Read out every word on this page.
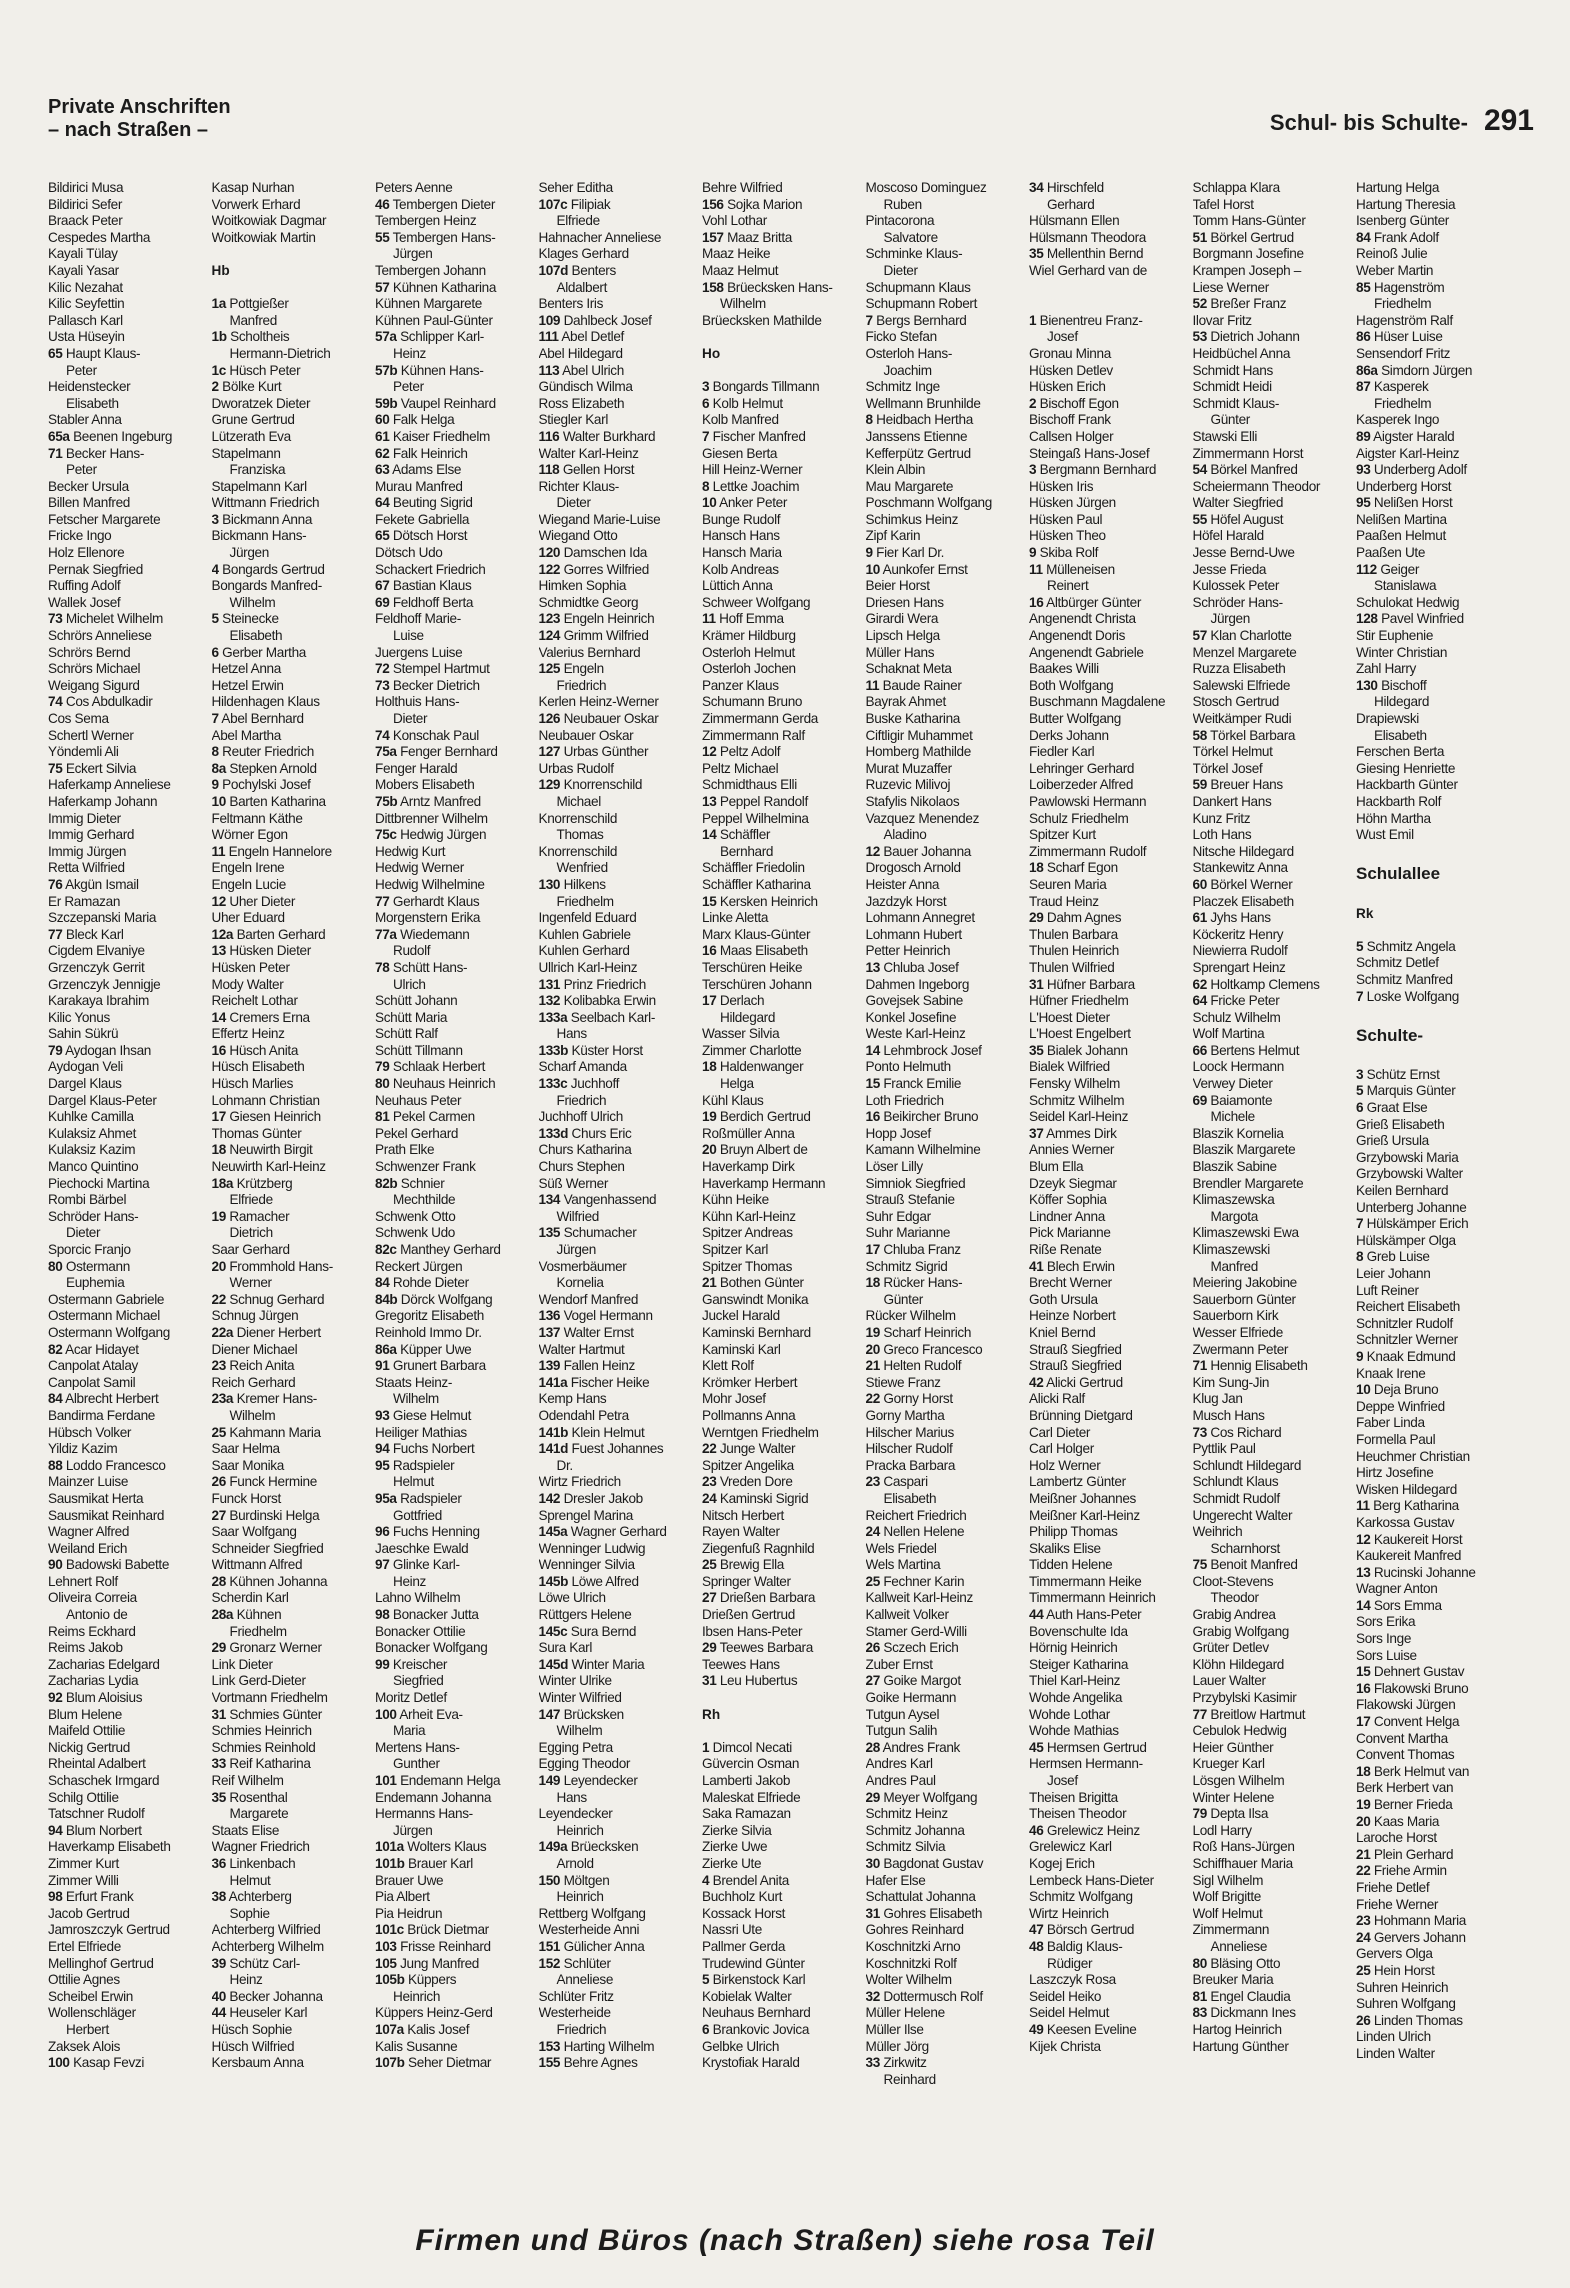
Private Anschriften
– nach Straßen –	Schul- bis Schulte- 291
Bildirici Musa
Bildirici Sefer
Braack Peter
Cespedes Martha
Kayali Tülay
Kayali Yasar
Kilic Nezahat
Kilic Seyfettin
Pallasch Karl
Usta Hüseyin
65 Haupt Klaus-
Peter
Heidenstecker
Elisabeth
Stabler Anna
65a Beenen Ingeburg
71 Becker Hans-
Peter
Becker Ursula
Billen Manfred
Fetscher Margarete
Fricke Ingo
Holz Ellenore
Pernak Siegfried
Ruffing Adolf
Wallek Josef
73 Michelet Wilhelm
Schrörs Anneliese
Schrörs Bernd
Schrörs Michael
Weigang Sigurd
74 Cos Abdulkadir
Cos Sema
Schertl Werner
Yöndemli Ali
75 Eckert Silvia
Haferkamp Anneliese
Haferkamp Johann
Immig Dieter
Immig Gerhard
Immig Jürgen
Retta Wilfried
76 Akgün Ismail
Er Ramazan
Szczepanski Maria
77 Bleck Karl
Cigdem Elvaniye
Grzenczyk Gerrit
Grzenczyk Jennigje
Karakaya Ibrahim
Kilic Yonus
Sahin Sükrü
79 Aydogan Ihsan
Aydogan Veli
Dargel Klaus
Dargel Klaus-Peter
Kuhlke Camilla
Kulaksiz Ahmet
Kulaksiz Kazim
Manco Quintino
Piechocki Martina
Rombi Bärbel
Schröder Hans-
Dieter
Sporcic Franjo
80 Ostermann
Euphemia
Ostermann Gabriele
Ostermann Michael
Ostermann Wolfgang
82 Acar Hidayet
Canpolat Atalay
Canpolat Samil
84 Albrecht Herbert
Bandirma Ferdane
Hübsch Volker
Yildiz Kazim
88 Loddo Francesco
Mainzer Luise
Sausmikat Herta
Sausmikat Reinhard
Wagner Alfred
Weiland Erich
90 Badowski Babette
Lehnert Rolf
Oliveira Correia
Antonio de
Reims Eckhard
Reims Jakob
Zacharias Edelgard
Zacharias Lydia
92 Blum Aloisius
Blum Helene
Maifeld Ottilie
Nickig Gertrud
Rheintal Adalbert
Schaschek Irmgard
Schilg Ottilie
Tatschner Rudolf
94 Blum Norbert
Haverkamp Elisabeth
Zimmer Kurt
Zimmer Willi
98 Erfurt Frank
Jacob Gertrud
Jamroszczyk Gertrud
Ertel Elfriede
Mellinghof Gertrud
Ottilie Agnes
Scheibel Erwin
Wollenschläger
Herbert
Zaksek Alois
100 Kasap Fevzi
Kasap Nurhan
Vorwerk Erhard
Woitkowiak Dagmar
Woitkowiak Martin
Hb
1a Pottgießer
Manfred
1b Scholtheis
Hermann-Dietrich
1c Hüsch Peter
2 Bölke Kurt
Dworatzek Dieter
Grune Gertrud
Lützerath Eva
Stapelmann
Franziska
Stapelmann Karl
Wittmann Friedrich
3 Bickmann Anna
Bickmann Hans-
Jürgen
4 Bongards Gertrud
Bongards Manfred-
Wilhelm
5 Steinecke
Elisabeth
6 Gerber Martha
Hetzel Anna
Hetzel Erwin
Hildenhagen Klaus
7 Abel Bernhard
Abel Martha
8 Reuter Friedrich
8a Stepken Arnold
9 Pochylski Josef
10 Barten Katharina
Feltmann Käthe
Wörner Egon
11 Engeln Hannelore
Engeln Irene
Engeln Lucie
12 Uher Dieter
Uher Eduard
12a Barten Gerhard
13 Hüsken Dieter
Hüsken Peter
Mody Walter
Reichelt Lothar
14 Cremers Erna
Effertz Heinz
16 Hüsch Anita
Hüsch Elisabeth
Hüsch Marlies
Lohmann Christian
17 Giesen Heinrich
Thomas Günter
18 Neuwirth Birgit
Neuwirth Karl-Heinz
18a Krützberg
Elfriede
19 Ramacher
Dietrich
Saar Gerhard
20 Frommhold Hans-
Werner
22 Schnug Gerhard
Schnug Jürgen
22a Diener Herbert
Diener Michael
23 Reich Anita
Reich Gerhard
23a Kremer Hans-
Wilhelm
25 Kahmann Maria
Saar Helma
Saar Monika
26 Funck Hermine
Funck Horst
27 Burdinski Helga
Saar Wolfgang
Schneider Siegfried
Wittmann Alfred
28 Kühnen Johanna
Scherdin Karl
28a Kühnen
Friedhelm
29 Gronarz Werner
Link Dieter
Link Gerd-Dieter
Vortmann Friedhelm
31 Schmies Günter
Schmies Heinrich
Schmies Reinhold
33 Reif Katharina
Reif Wilhelm
35 Rosenthal
Margarete
Staats Elise
Wagner Friedrich
36 Linkenbach
Helmut
38 Achterberg
Sophie
Achterberg Wilfried
Achterberg Wilhelm
39 Schütz Carl-
Heinz
40 Becker Johanna
44 Heuseler Karl
Hüsch Sophie
Hüsch Wilfried
Kersbaum Anna
Peters Aenne
46 Tembergen Dieter
Tembergen Heinz
55 Tembergen Hans-
Jürgen
Tembergen Johann
57 Kühnen Katharina
Kühnen Margarete
Kühnen Paul-Günter
57a Schlipper Karl-
Heinz
57b Kühnen Hans-
Peter
59b Vaupel Reinhard
60 Falk Helga
61 Kaiser Friedhelm
62 Falk Heinrich
63 Adams Else
Murau Manfred
64 Beuting Sigrid
Fekete Gabriella
65 Dötsch Horst
Dötsch Udo
Schackert Friedrich
67 Bastian Klaus
69 Feldhoff Berta
Feldhoff Marie-
Luise
Juergens Luise
72 Stempel Hartmut
73 Becker Dietrich
Holthuis Hans-
Dieter
74 Konschak Paul
75a Fenger Bernhard
Fenger Harald
Mobers Elisabeth
75b Arntz Manfred
Dittbrenner Wilhelm
75c Hedwig Jürgen
Hedwig Kurt
Hedwig Werner
Hedwig Wilhelmine
77 Gerhardt Klaus
Morgenstern Erika
77a Wiedemann
Rudolf
78 Schütt Hans-
Ulrich
Schütt Johann
Schütt Maria
Schütt Ralf
Schütt Tillmann
79 Schlaak Herbert
80 Neuhaus Heinrich
Neuhaus Peter
81 Pekel Carmen
Pekel Gerhard
Prath Elke
Schwenzer Frank
82b Schnier
Mechthilde
Schwenk Otto
Schwenk Udo
82c Manthey Gerhard
Reckert Jürgen
84 Rohde Dieter
84b Dörck Wolfgang
Gregoritz Elisabeth
Reinhold Immo Dr.
86a Küpper Uwe
91 Grunert Barbara
Staats Heinz-
Wilhelm
93 Giese Helmut
Heiliger Mathias
94 Fuchs Norbert
95 Radspieler
Helmut
95a Radspieler
Gottfried
96 Fuchs Henning
Jaeschke Ewald
97 Glinke Karl-
Heinz
Lahno Wilhelm
98 Bonacker Jutta
Bonacker Ottilie
Bonacker Wolfgang
99 Kreischer
Siegfried
Moritz Detlef
100 Arheit Eva-
Maria
Mertens Hans-
Gunther
101 Endemann Helga
Endemann Johanna
Hermanns Hans-
Jürgen
101a Wolters Klaus
101b Brauer Karl
Brauer Uwe
Pia Albert
Pia Heidrun
101c Brück Dietmar
103 Frisse Reinhard
105 Jung Manfred
105b Küppers
Heinrich
Küppers Heinz-Gerd
107a Kalis Josef
Kalis Susanne
107b Seher Dietmar
Seher Editha
107c Filipiak
Elfriede
Hahnacher Anneliese
Klages Gerhard
107d Benters
Aldalbert
Benters Iris
109 Dahlbeck Josef
111 Abel Detlef
Abel Hildegard
113 Abel Ulrich
Gündisch Wilma
Ross Elizabeth
Stiegler Karl
116 Walter Burkhard
Walter Karl-Heinz
118 Gellen Horst
Richter Klaus-
Dieter
Wiegand Marie-Luise
Wiegand Otto
120 Damschen Ida
122 Gorres Wilfried
Himken Sophia
Schmidtke Georg
123 Engeln Heinrich
124 Grimm Wilfried
Valerius Bernhard
125 Engeln
Friedrich
Kerlen Heinz-Werner
126 Neubauer Oskar
Neubauer Oskar
127 Urbas Günther
Urbas Rudolf
129 Knorrenschild
Michael
Knorrenschild
Thomas
Knorrenschild
Wenfried
130 Hilkens
Friedhelm
Ingenfeld Eduard
Kuhlen Gabriele
Kuhlen Gerhard
Ullrich Karl-Heinz
131 Prinz Friedrich
132 Kolibabka Erwin
133a Seelbach Karl-
Hans
133b Küster Horst
Scharf Amanda
133c Juchhoff
Friedrich
Juchhoff Ulrich
133d Churs Eric
Churs Katharina
Churs Stephen
Süß Werner
134 Vangenhassend
Wilfried
135 Schumacher
Jürgen
Vosmerbäumer
Kornelia
Wendorf Manfred
136 Vogel Hermann
137 Walter Ernst
Walter Hartmut
139 Fallen Heinz
141a Fischer Heike
Kemp Hans
Odendahl Petra
141b Klein Helmut
141d Fuest Johannes
Dr.
Wirtz Friedrich
142 Dresler Jakob
Sprengel Marina
145a Wagner Gerhard
Wenninger Ludwig
Wenninger Silvia
145b Löwe Alfred
Löwe Ulrich
Rüttgers Helene
145c Sura Bernd
Sura Karl
145d Winter Maria
Winter Ulrike
Winter Wilfried
147 Brücksken
Wilhelm
Egging Petra
Egging Theodor
149 Leyendecker
Hans
Leyendecker
Heinrich
149a Brüecksken
Arnold
150 Möltgen
Heinrich
Rettberg Wolfgang
Westerheide Anni
151 Gülicher Anna
152 Schlüter
Anneliese
Schlüter Fritz
Westerheide
Friedrich
153 Harting Wilhelm
155 Behre Agnes
Behre Wilfried
156 Sojka Marion
Vohl Lothar
157 Maaz Britta
Maaz Heike
Maaz Helmut
158 Brüecksken Hans-
Wilhelm
Brüecksken Mathilde
Ho
3 Bongards Tillmann
6 Kolb Helmut
Kolb Manfred
7 Fischer Manfred
Giesen Berta
Hill Heinz-Werner
8 Lettke Joachim
10 Anker Peter
Bunge Rudolf
Hansch Hans
Hansch Maria
Kolb Andreas
Lüttich Anna
Schweer Wolfgang
11 Hoff Emma
Krämer Hildburg
Osterloh Helmut
Osterloh Jochen
Panzer Klaus
Schumann Bruno
Zimmermann Gerda
Zimmermann Ralf
12 Peltz Adolf
Peltz Michael
Schmidthaus Elli
13 Peppel Randolf
Peppel Wilhelmina
14 Schäffler
Bernhard
Schäffler Friedolin
Schäffler Katharina
15 Kersken Heinrich
Linke Aletta
Marx Klaus-Günter
16 Maas Elisabeth
Terschüren Heike
Terschüren Johann
17 Derlach
Hildegard
Wasser Silvia
Zimmer Charlotte
18 Haldenwanger
Helga
Kühl Klaus
19 Berdich Gertrud
Roßmüller Anna
20 Bruyn Albert de
Haverkamp Dirk
Haverkamp Hermann
Kühn Heike
Kühn Karl-Heinz
Spitzer Andreas
Spitzer Karl
Spitzer Thomas
21 Bothen Günter
Ganswindt Monika
Juckel Harald
Kaminski Bernhard
Kaminski Karl
Klett Rolf
Krömker Herbert
Mohr Josef
Pollmanns Anna
Werntgen Friedhelm
22 Junge Walter
Spitzer Angelika
23 Vreden Dore
24 Kaminski Sigrid
Nitsch Herbert
Rayen Walter
Ziegenfuß Ragnhild
25 Brewig Ella
Springer Walter
27 Drießen Barbara
Drießen Gertrud
Ibsen Hans-Peter
29 Teewes Barbara
Teewes Hans
31 Leu Hubertus
Rh
1 Dimcol Necati
Güvercin Osman
Lamberti Jakob
Maleskat Elfriede
Saka Ramazan
Zierke Silvia
Zierke Uwe
Zierke Ute
4 Brendel Anita
Buchholz Kurt
Kossack Horst
Nassri Ute
Pallmer Gerda
Trudewind Günter
5 Birkenstock Karl
Kobielak Walter
Neuhaus Bernhard
6 Brankovic Jovica
Gelbke Ulrich
Krystofiak Harald
Moscoso Dominguez
Ruben
Pintacorona
Salvatore
Schminke Klaus-
Dieter
Schupmann Klaus
Schupmann Robert
7 Bergs Bernhard
Ficko Stefan
Osterloh Hans-
Joachim
Schmitz Inge
Wellmann Brunhilde
8 Heidbach Hertha
Janssens Etienne
Kefferpütz Gertrud
Klein Albin
Mau Margarete
Poschmann Wolfgang
Schimkus Heinz
Zipf Karin
9 Fier Karl Dr.
10 Aunkofer Ernst
Beier Horst
Driesen Hans
Girardi Wera
Lipsch Helga
Müller Hans
Schaknat Meta
11 Baude Rainer
Bayrak Ahmet
Buske Katharina
Ciftligir Muhammet
Homberg Mathilde
Murat Muzaffer
Ruzevic Milivoj
Stafylis Nikolaos
Vazquez Menendez
Aladino
12 Bauer Johanna
Drogosch Arnold
Heister Anna
Jazdzyk Horst
Lohmann Annegret
Lohmann Hubert
Petter Heinrich
13 Chluba Josef
Dahmen Ingeborg
Govejsek Sabine
Konkel Josefine
Weste Karl-Heinz
14 Lehmbrock Josef
Ponto Helmuth
15 Franck Emilie
Loth Friedrich
16 Beikircher Bruno
Hopp Josef
Kamann Wilhelmine
Löser Lilly
Simniok Siegfried
Strauß Stefanie
Suhr Edgar
Suhr Marianne
17 Chluba Franz
Schmitz Sigrid
18 Rücker Hans-
Günter
Rücker Wilhelm
19 Scharf Heinrich
20 Greco Francesco
21 Helten Rudolf
Stiewe Franz
22 Gorny Horst
Gorny Martha
Hilscher Marius
Hilscher Rudolf
Pracka Barbara
23 Caspari
Elisabeth
Reichert Friedrich
24 Nellen Helene
Wels Friedel
Wels Martina
25 Fechner Karin
Kallweit Karl-Heinz
Kallweit Volker
Stamer Gerd-Willi
26 Sczech Erich
Zuber Ernst
27 Goike Margot
Goike Hermann
Tutgun Aysel
Tutgun Salih
28 Andres Frank
Andres Karl
Andres Paul
29 Meyer Wolfgang
Schmitz Heinz
Schmitz Johanna
Schmitz Silvia
30 Bagdonat Gustav
Hafer Else
Schattulat Johanna
31 Gohres Elisabeth
Gohres Reinhard
Koschnitzki Arno
Koschnitzki Rolf
Wolter Wilhelm
32 Dottermusch Rolf
Müller Helene
Müller Ilse
Müller Jörg
33 Zirkwitz
Reinhard
34 Hirschfeld
Gerhard
Hülsmann Ellen
Hülsmann Theodora
35 Mellenthin Bernd
Wiel Gerhard van de
1 Bienentreu Franz-
Josef
Gronau Minna
Hüsken Detlev
Hüsken Erich
2 Bischoff Egon
Bischoff Frank
Callsen Holger
Steingaß Hans-Josef
3 Bergmann Bernhard
Hüsken Iris
Hüsken Jürgen
Hüsken Paul
Hüsken Theo
9 Skiba Rolf
11 Mülleneisen
Reinert
16 Altbürger Günter
Angenendt Christa
Angenendt Doris
Angenendt Gabriele
Baakes Willi
Both Wolfgang
Buschmann Magdalene
Butter Wolfgang
Derks Johann
Fiedler Karl
Lehringer Gerhard
Loiberzeder Alfred
Pawlowski Hermann
Schulz Friedhelm
Spitzer Kurt
Zimmermann Rudolf
18 Scharf Egon
Seuren Maria
Traud Heinz
29 Dahm Agnes
Thulen Barbara
Thulen Heinrich
Thulen Wilfried
31 Hüfner Barbara
Hüfner Friedhelm
L'Hoest Dieter
L'Hoest Engelbert
35 Bialek Johann
Bialek Wilfried
Fensky Wilhelm
Schmitz Wilhelm
Seidel Karl-Heinz
37 Ammes Dirk
Annies Werner
Blum Ella
Dzeyk Siegmar
Köffer Sophia
Lindner Anna
Pick Marianne
Riße Renate
41 Blech Erwin
Brecht Werner
Goth Ursula
Heinze Norbert
Kniel Bernd
Strauß Siegfried
Strauß Siegfried
42 Alicki Gertrud
Alicki Ralf
Brünning Dietgard
Carl Dieter
Carl Holger
Holz Werner
Lambertz Günter
Meißner Johannes
Meißner Karl-Heinz
Philipp Thomas
Skaliks Elise
Tidden Helene
Timmermann Heike
Timmermann Heinrich
44 Auth Hans-Peter
Bovenschulte Ida
Hörnig Heinrich
Steiger Katharina
Thiel Karl-Heinz
Wohde Angelika
Wohde Lothar
Wohde Mathias
45 Hermsen Gertrud
Hermsen Hermann-
Josef
Theisen Brigitta
Theisen Theodor
46 Grelewicz Heinz
Grelewicz Karl
Kogej Erich
Lembeck Hans-Dieter
Schmitz Wolfgang
Wirtz Heinrich
47 Börsch Gertrud
48 Baldig Klaus-
Rüdiger
Laszczyk Rosa
Seidel Heiko
Seidel Helmut
49 Keesen Eveline
Kijek Christa
Schlappa Klara
Tafel Horst
Tomm Hans-Günter
51 Börkel Gertrud
Borgmann Josefine
Krampen Joseph –
Liese Werner
52 Breßer Franz
Ilovar Fritz
53 Dietrich Johann
Heidbüchel Anna
Schmidt Hans
Schmidt Heidi
Schmidt Klaus-
Günter
Stawski Elli
Zimmermann Horst
54 Börkel Manfred
Scheiermann Theodor
Walter Siegfried
55 Höfel August
Höfel Harald
Jesse Bernd-Uwe
Jesse Frieda
Kulossek Peter
Schröder Hans-
Jürgen
57 Klan Charlotte
Menzel Margarete
Ruzza Elisabeth
Salewski Elfriede
Stosch Gertrud
Weitkämper Rudi
58 Törkel Barbara
Törkel Helmut
Törkel Josef
59 Breuer Hans
Dankert Hans
Kunz Fritz
Loth Hans
Nitsche Hildegard
Stankewitz Anna
60 Börkel Werner
Placzek Elisabeth
61 Jyhs Hans
Köckeritz Henry
Niewierra Rudolf
Sprengart Heinz
62 Holtkamp Clemens
64 Fricke Peter
Schulz Wilhelm
Wolf Martina
66 Bertens Helmut
Loock Hermann
Verwey Dieter
69 Baiamonte
Michele
Blaszik Kornelia
Blaszik Margarete
Blaszik Sabine
Brendler Margarete
Klimaszewska
Margota
Klimaszewski Ewa
Klimaszewski
Manfred
Meiering Jakobine
Sauerborn Günter
Sauerborn Kirk
Wesser Elfriede
Zwermann Peter
71 Hennig Elisabeth
Kim Sung-Jin
Klug Jan
Musch Hans
73 Cos Richard
Pyttlik Paul
Schlundt Hildegard
Schlundt Klaus
Schmidt Rudolf
Ungerecht Walter
Weihrich
Scharnhorst
75 Benoit Manfred
Cloot-Stevens
Theodor
Grabig Andrea
Grabig Wolfgang
Grüter Detlev
Klöhn Hildegard
Lauer Walter
Przybylski Kasimir
77 Breitlow Hartmut
Cebulok Hedwig
Heier Günther
Krueger Karl
Lösgen Wilhelm
Winter Helene
79 Depta Ilsa
Lodl Harry
Roß Hans-Jürgen
Schiffhauer Maria
Sigl Wilhelm
Wolf Brigitte
Wolf Helmut
Zimmermann
Anneliese
80 Bläsing Otto
Breuker Maria
81 Engel Claudia
83 Dickmann Ines
Hartog Heinrich
Hartung Günther
Hartung Helga
Hartung Theresia
Isenberg Günter
84 Frank Adolf
Reinoß Julie
Weber Martin
85 Hagenström
Friedhelm
Hagenström Ralf
86 Hüser Luise
Sensendorf Fritz
86a Simdorn Jürgen
87 Kasperek
Friedhelm
Kasperek Ingo
89 Aigster Harald
Aigster Karl-Heinz
93 Underberg Adolf
Underberg Horst
95 Nelißen Horst
Nelißen Martina
Paaßen Helmut
Paaßen Ute
112 Geiger
Stanislawa
Schulokat Hedwig
128 Pavel Winfried
Stir Euphenie
Winter Christian
Zahl Harry
130 Bischoff
Hildegard
Drapiewski
Elisabeth
Ferschen Berta
Giesing Henriette
Hackbarth Günter
Hackbarth Rolf
Höhn Martha
Wust Emil
Schulallee
Rk
5 Schmitz Angela
Schmitz Detlef
Schmitz Manfred
7 Loske Wolfgang
Schulte-
3 Schütz Ernst
5 Marquis Günter
6 Graat Else
Grieß Elisabeth
Grieß Ursula
Grzybowski Maria
Grzybowski Walter
Keilen Bernhard
Unterberg Johanne
7 Hülskämper Erich
Hülskämper Olga
8 Greb Luise
Leier Johann
Luft Reiner
Reichert Elisabeth
Schnitzler Rudolf
Schnitzler Werner
9 Knaak Edmund
Knaak Irene
10 Deja Bruno
Deppe Winfried
Faber Linda
Formella Paul
Heuchmer Christian
Hirtz Josefine
Wisken Hildegard
11 Berg Katharina
Karkossa Gustav
12 Kaukereit Horst
Kaukereit Manfred
13 Rucinski Johanne
Wagner Anton
14 Sors Emma
Sors Erika
Sors Inge
Sors Luise
15 Dehnert Gustav
16 Flakowski Bruno
Flakowski Jürgen
17 Convent Helga
Convent Martha
Convent Thomas
18 Berk Helmut van
Berk Herbert van
19 Berner Frieda
20 Kaas Maria
Laroche Horst
21 Plein Gerhard
22 Friehe Armin
Friehe Detlef
Friehe Werner
23 Hohmann Maria
24 Gervers Johann
Gervers Olga
25 Hein Horst
Suhren Heinrich
Suhren Wolfgang
26 Linden Thomas
Linden Ulrich
Linden Walter
Firmen und Büros (nach Straßen) siehe rosa Teil
